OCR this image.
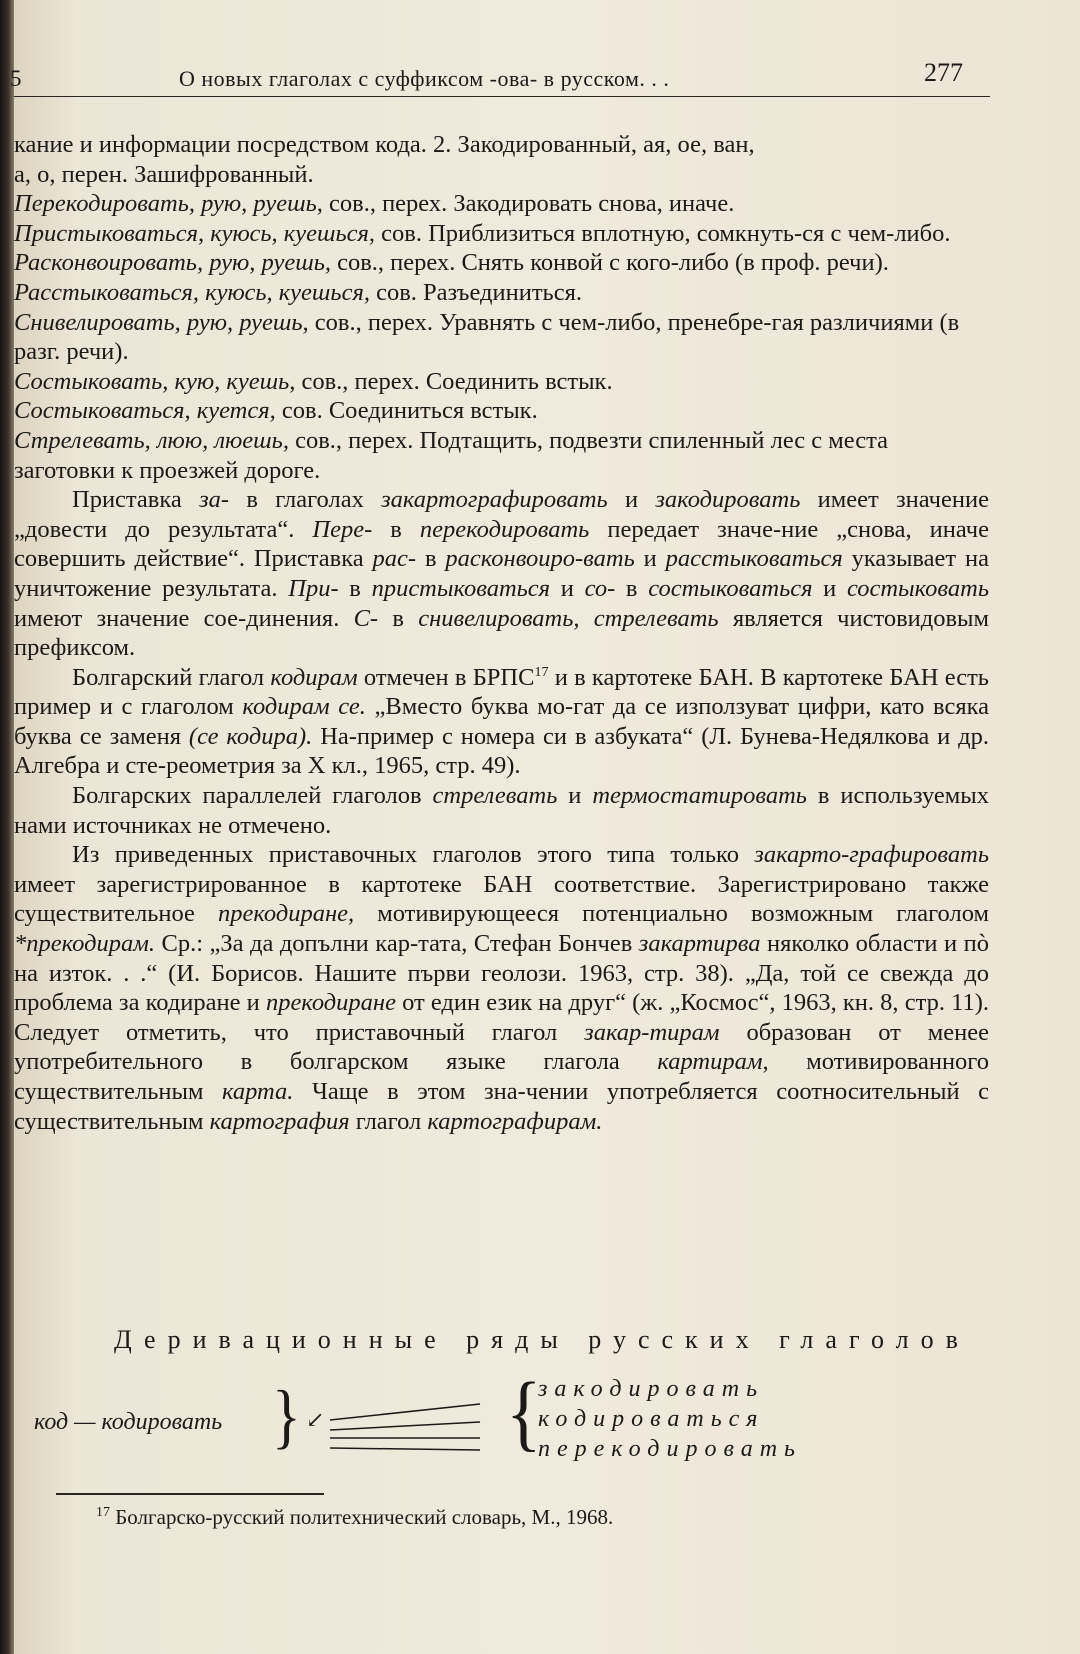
5	О новых глаголах с суффиксом -ова- в русском. . .	277

кание и информации посредством кода. 2. Закодированный, ая, ое, ван,

а, о, перен. Зашифрованный.

Перекодировать, рую, руешь, сов., перех. Закодировать снова, иначе.

Пристыковаться, куюсь, куешься, сов. Приблизиться вплотную, сомкнуть-ся с чем-либо.

Расконвоировать, рую, руешь, сов., перех. Снять конвой с кого-либо (в проф. речи).

Расстыковаться, куюсь, куешься, сов. Разъединиться.

Снивелировать, рую, руешь, сов., перех. Уравнять с чем-либо, пренебре-гая различиями (в разг. речи).

Состыковать, кую, куешь, сов., перех. Соединить встык.

Состыковаться, куется, сов. Соединиться встык.

Стрелевать, люю, люешь, сов., перех. Подтащить, подвезти спиленный лес с места заготовки к проезжей дороге.

Приставка за- в глаголах закартографировать и закодировать имеет значение „довести до результата“. Пере- в перекодировать передает значе-ние „снова, иначе совершить действие“. Приставка рас- в расконвоиро-вать и расстыковаться указывает на уничтожение результата. При- в пристыковаться и со- в состыковаться и состыковать имеют значение сое-динения. С- в снивелировать, стрелевать является чистовидовым префиксом.

Болгарский глагол кодирам отмечен в БРПС$^{17}$ и в картотеке БАН. В картотеке БАН есть пример и с глаголом кодирам се. „Вместо буква мо-гат да се използуват цифри, като всяка буква се заменя (се кодира). На-пример с номера си в азбуката“ (Л. Бунева-Недялкова и др. Алгебра и сте-реометрия за X кл., 1965, стр. 49).

Болгарских параллелей глаголов стрелевать и термостатировать в используемых нами источниках не отмечено.

Из приведенных приставочных глаголов этого типа только закарто-графировать имеет зарегистрированное в картотеке БАН соответствие. Зарегистрировано также существительное прекодиране, мотивирующееся потенциально возможным глаголом *прекодирам. Ср.: „За да допълни кар-тата, Стефан Бончев закартирва няколко области и пò на изток. . .“ (И. Борисов. Нашите първи геолози. 1963, стр. 38). „Да, той се свежда до проблема за кодиране и прекодиране от един език на друг“ (ж. „Космос“, 1963, кн. 8, стр. 11). Следует отметить, что приставочный глагол закар-тирам образован от менее употребительного в болгарском языке глагола картирам, мотивированного существительным карта. Чаще в этом зна-чении употребляется соотносительный с существительным картография глагол картографирам.

Деривационные ряды русских глаголов
код — кодировать } ↙ {
закодировать
кодироваться
перекодировать
$^{17}$ Болгарско-русский политехнический словарь, М., 1968.
